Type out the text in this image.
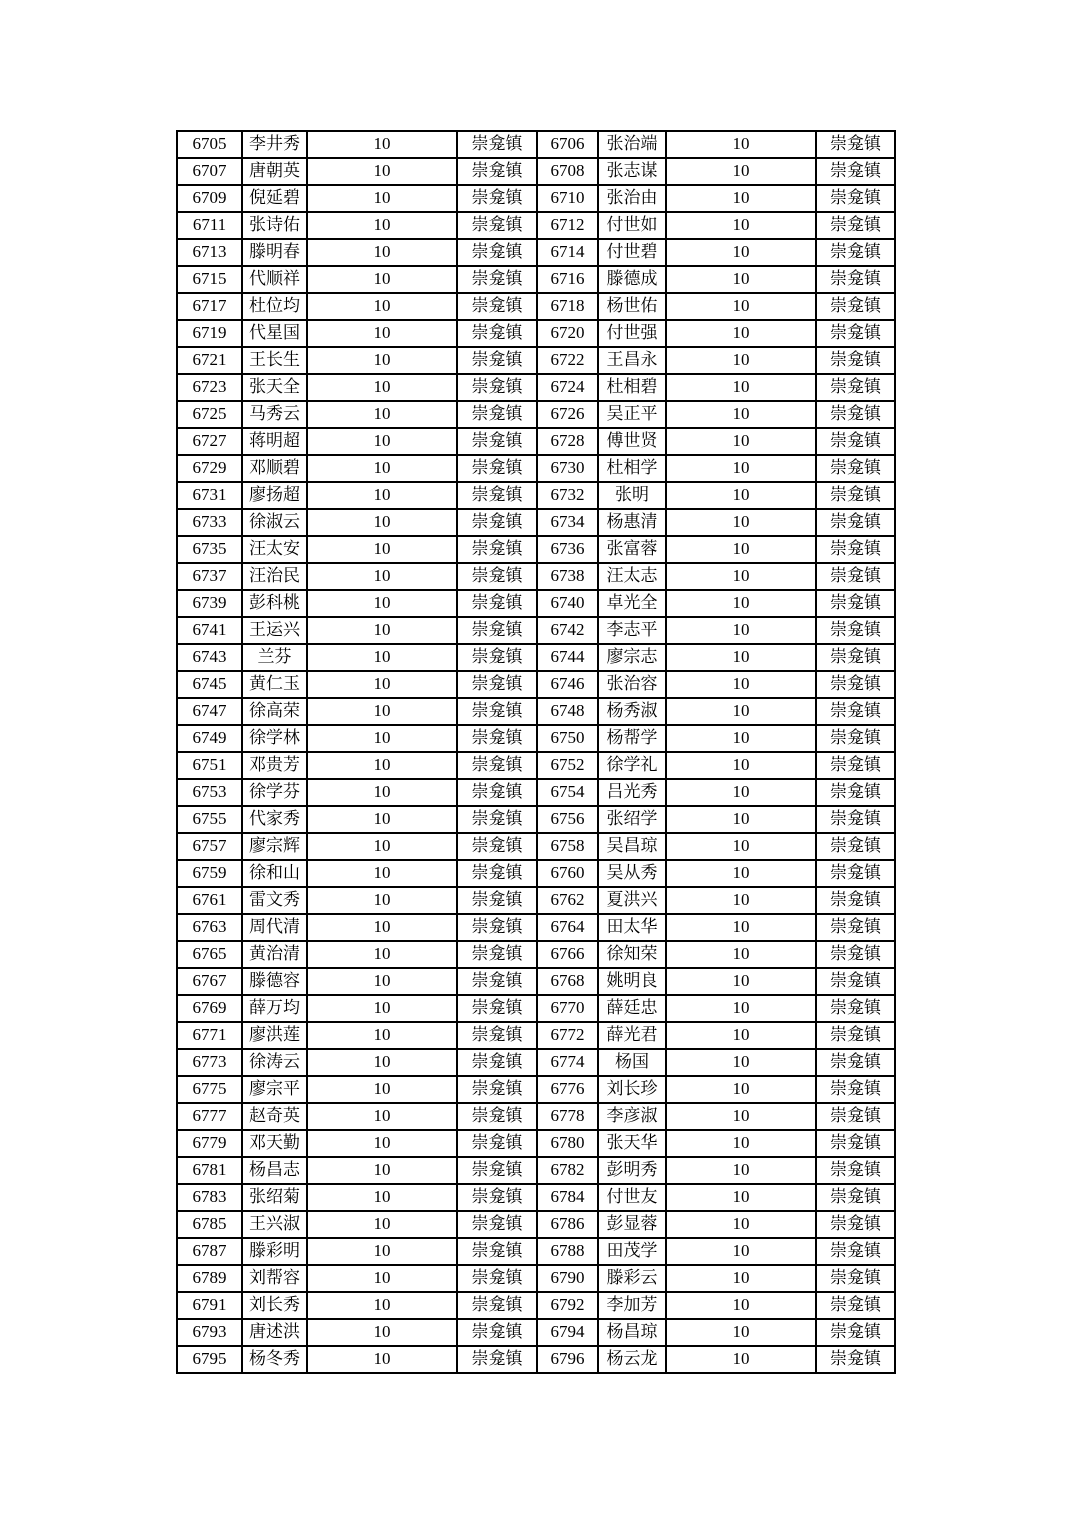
6705	李井秀	10	崇龛镇	6706	张治端	10	崇龛镇
6707	唐朝英	10	崇龛镇	6708	张志谋	10	崇龛镇
6709	倪延碧	10	崇龛镇	6710	张治由	10	崇龛镇
6711	张诗佑	10	崇龛镇	6712	付世如	10	崇龛镇
6713	滕明春	10	崇龛镇	6714	付世碧	10	崇龛镇
6715	代顺祥	10	崇龛镇	6716	滕德成	10	崇龛镇
6717	杜位均	10	崇龛镇	6718	杨世佑	10	崇龛镇
6719	代星国	10	崇龛镇	6720	付世强	10	崇龛镇
6721	王长生	10	崇龛镇	6722	王昌永	10	崇龛镇
6723	张天全	10	崇龛镇	6724	杜相碧	10	崇龛镇
6725	马秀云	10	崇龛镇	6726	吴正平	10	崇龛镇
6727	蒋明超	10	崇龛镇	6728	傅世贤	10	崇龛镇
6729	邓顺碧	10	崇龛镇	6730	杜相学	10	崇龛镇
6731	廖扬超	10	崇龛镇	6732	张明	10	崇龛镇
6733	徐淑云	10	崇龛镇	6734	杨惠清	10	崇龛镇
6735	汪太安	10	崇龛镇	6736	张富蓉	10	崇龛镇
6737	汪治民	10	崇龛镇	6738	汪太志	10	崇龛镇
6739	彭科桃	10	崇龛镇	6740	卓光全	10	崇龛镇
6741	王运兴	10	崇龛镇	6742	李志平	10	崇龛镇
6743	兰芬	10	崇龛镇	6744	廖宗志	10	崇龛镇
6745	黄仁玉	10	崇龛镇	6746	张治容	10	崇龛镇
6747	徐高荣	10	崇龛镇	6748	杨秀淑	10	崇龛镇
6749	徐学林	10	崇龛镇	6750	杨帮学	10	崇龛镇
6751	邓贵芳	10	崇龛镇	6752	徐学礼	10	崇龛镇
6753	徐学芬	10	崇龛镇	6754	吕光秀	10	崇龛镇
6755	代家秀	10	崇龛镇	6756	张绍学	10	崇龛镇
6757	廖宗辉	10	崇龛镇	6758	吴昌琼	10	崇龛镇
6759	徐和山	10	崇龛镇	6760	吴从秀	10	崇龛镇
6761	雷文秀	10	崇龛镇	6762	夏洪兴	10	崇龛镇
6763	周代清	10	崇龛镇	6764	田太华	10	崇龛镇
6765	黄治清	10	崇龛镇	6766	徐知荣	10	崇龛镇
6767	滕德容	10	崇龛镇	6768	姚明良	10	崇龛镇
6769	薛万均	10	崇龛镇	6770	薛廷忠	10	崇龛镇
6771	廖洪莲	10	崇龛镇	6772	薛光君	10	崇龛镇
6773	徐涛云	10	崇龛镇	6774	杨国	10	崇龛镇
6775	廖宗平	10	崇龛镇	6776	刘长珍	10	崇龛镇
6777	赵奇英	10	崇龛镇	6778	李彦淑	10	崇龛镇
6779	邓天勤	10	崇龛镇	6780	张天华	10	崇龛镇
6781	杨昌志	10	崇龛镇	6782	彭明秀	10	崇龛镇
6783	张绍菊	10	崇龛镇	6784	付世友	10	崇龛镇
6785	王兴淑	10	崇龛镇	6786	彭显蓉	10	崇龛镇
6787	滕彩明	10	崇龛镇	6788	田茂学	10	崇龛镇
6789	刘帮容	10	崇龛镇	6790	滕彩云	10	崇龛镇
6791	刘长秀	10	崇龛镇	6792	李加芳	10	崇龛镇
6793	唐述洪	10	崇龛镇	6794	杨昌琼	10	崇龛镇
6795	杨冬秀	10	崇龛镇	6796	杨云龙	10	崇龛镇
